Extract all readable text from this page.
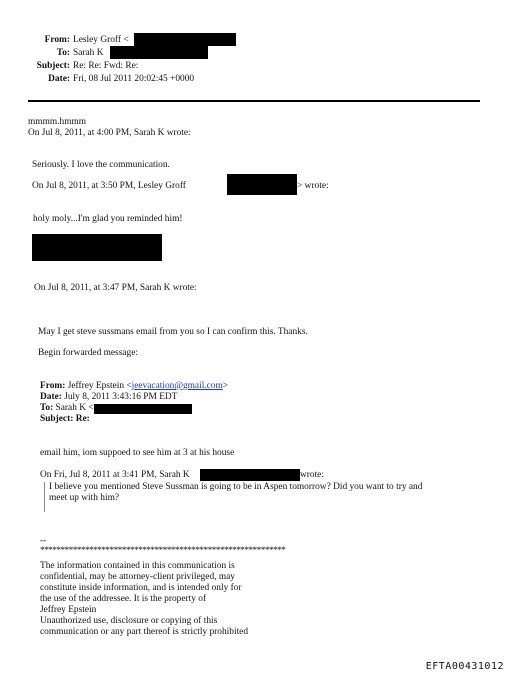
From: Lesley Groff <
To: Sarah K
Subject: Re: Re: Fwd: Re:
Date: Fri, 08 Jul 2011 20:02:45 +0000
mmmm.hmmm
On Jul 8, 2011, at 4:00 PM, Sarah K wrote:
Seriously. I love the communication.
On Jul 8, 2011, at 3:50 PM, Lesley Groff	> wrote:
holy moly...I'm glad you reminded him!
On Jul 8, 2011, at 3:47 PM, Sarah K wrote:
May I get steve sussmans email from you so I can confirm this. Thanks.
Begin forwarded message:
From: Jeffrey Epstein <jeevacation@gmail.com>
Date: July 8, 2011 3:43:16 PM EDT
To: Sarah K <
Subject: Re:
email him, iom suppoed to see him at 3 at his house
On Fri, Jul 8, 2011 at 3:41 PM, Sarah K	wrote:
I believe you mentioned Steve Sussman is going to be in Aspen tomorrow? Did you want to try and
meet up with him?
--
************************************************************
The information contained in this communication is
confidential, may be attorney-client privileged, may
constitute inside information, and is intended only for
the use of the addressee. It is the property of
Jeffrey Epstein
Unauthorized use, disclosure or copying of this
communication or any part thereof is strictly prohibited
EFTA00431012
